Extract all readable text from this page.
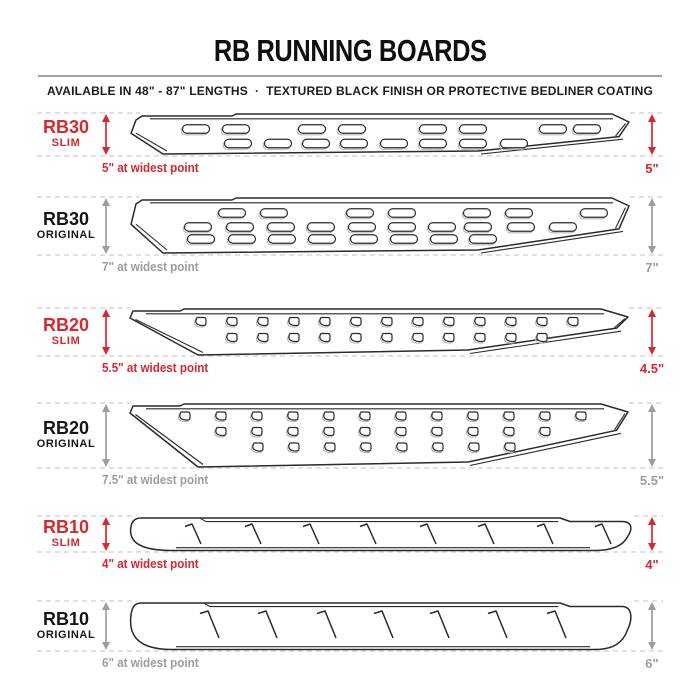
RB RUNNING BOARDS
AVAILABLE IN 48" - 87" LENGTHS · TEXTURED BLACK FINISH OR PROTECTIVE BEDLINER COATING
RB30
SLIM
5" at widest point	5"
RB30
ORIGINAL
7" at widest point	7"
RB20
SLIM
5.5" at widest point	4.5"
RB20
ORIGINAL
7.5" at widest point	5.5"
RB10
SLIM
4" at widest point	4"
RB10
ORIGINAL
6" at widest point	6"
